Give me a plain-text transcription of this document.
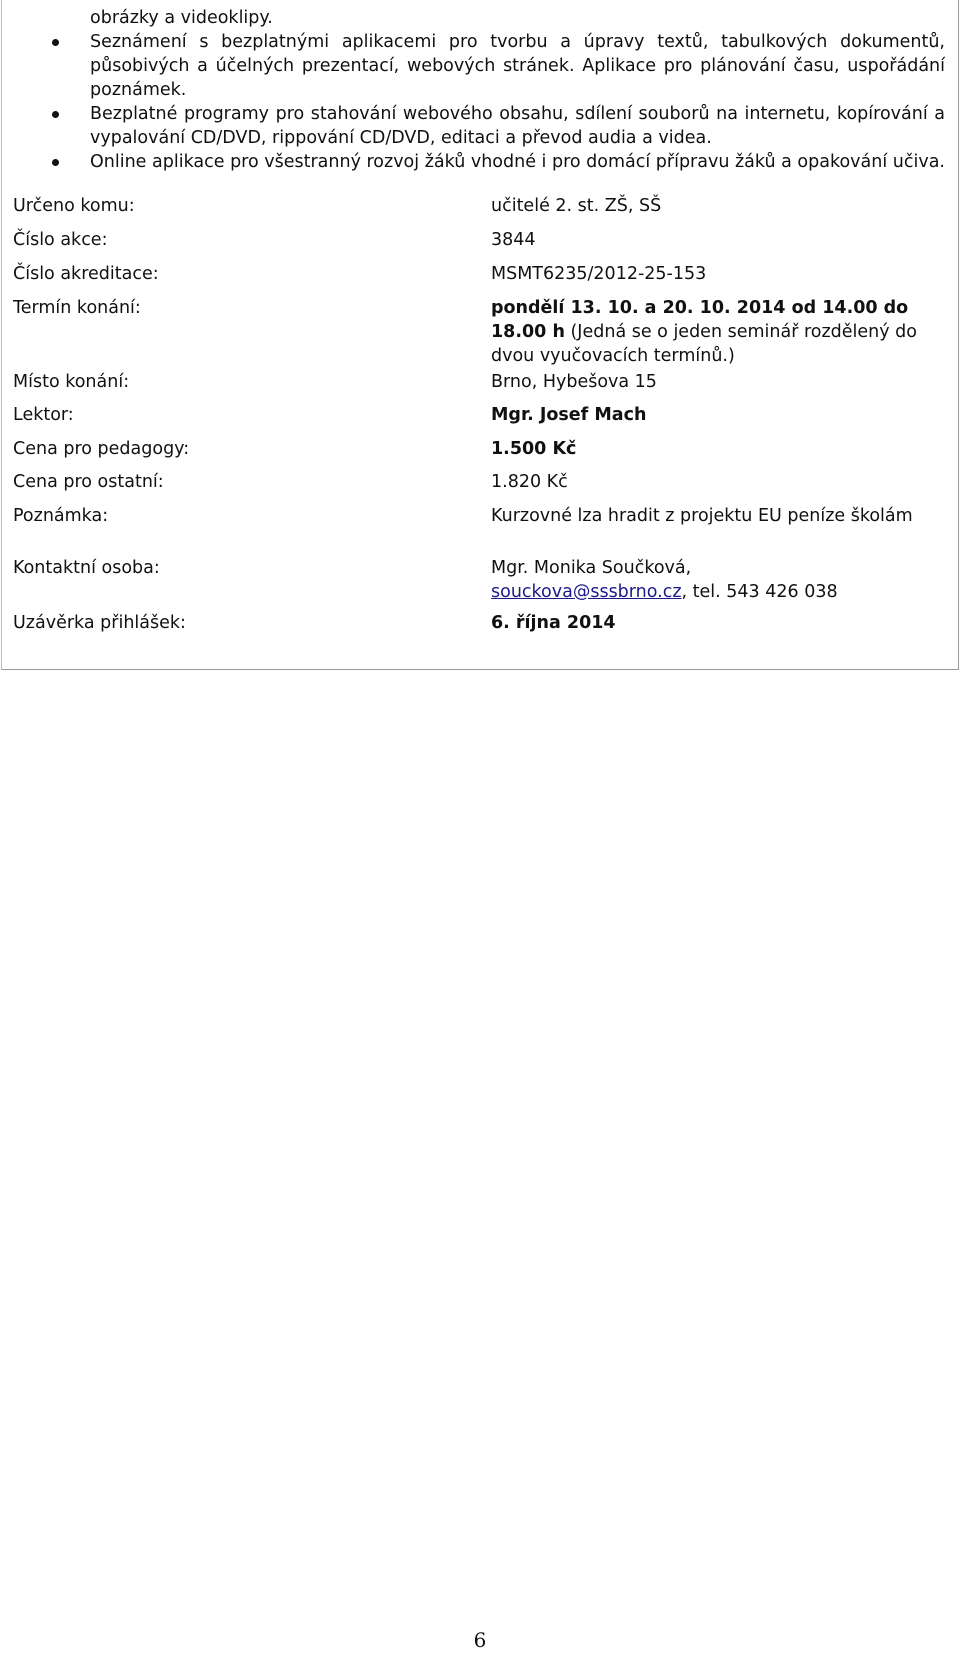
obrázky a videoklipy.
Seznámení s bezplatnými aplikacemi pro tvorbu a úpravy textů, tabulkových dokumentů, působivých a účelných prezentací, webových stránek. Aplikace pro plánování času, uspořádání poznámek.
Bezplatné programy pro stahování webového obsahu, sdílení souborů na internetu, kopírování a vypalování CD/DVD, rippování CD/DVD, editaci a převod audia a videa.
Online aplikace pro všestranný rozvoj žáků vhodné i pro domácí přípravu žáků a opakování učiva.
Určeno komu:	učitelé 2. st. ZŠ, SŠ
Číslo akce:	3844
Číslo akreditace:	MSMT6235/2012-25-153
Termín konání:	pondělí 13. 10. a 20. 10. 2014 od 14.00 do 18.00 h (Jedná se o jeden seminář rozdělený do dvou vyučovacích termínů.)
Místo konání:	Brno, Hybešova 15
Lektor:	Mgr. Josef Mach
Cena pro pedagogy:	1.500 Kč
Cena pro ostatní:	1.820 Kč
Poznámka:	Kurzovné lza hradit z projektu EU peníze školám
Kontaktní osoba:	Mgr. Monika Součková,
souckova@sssbrno.cz, tel. 543 426 038
Uzávěrka přihlášek:	6. října 2014
6
